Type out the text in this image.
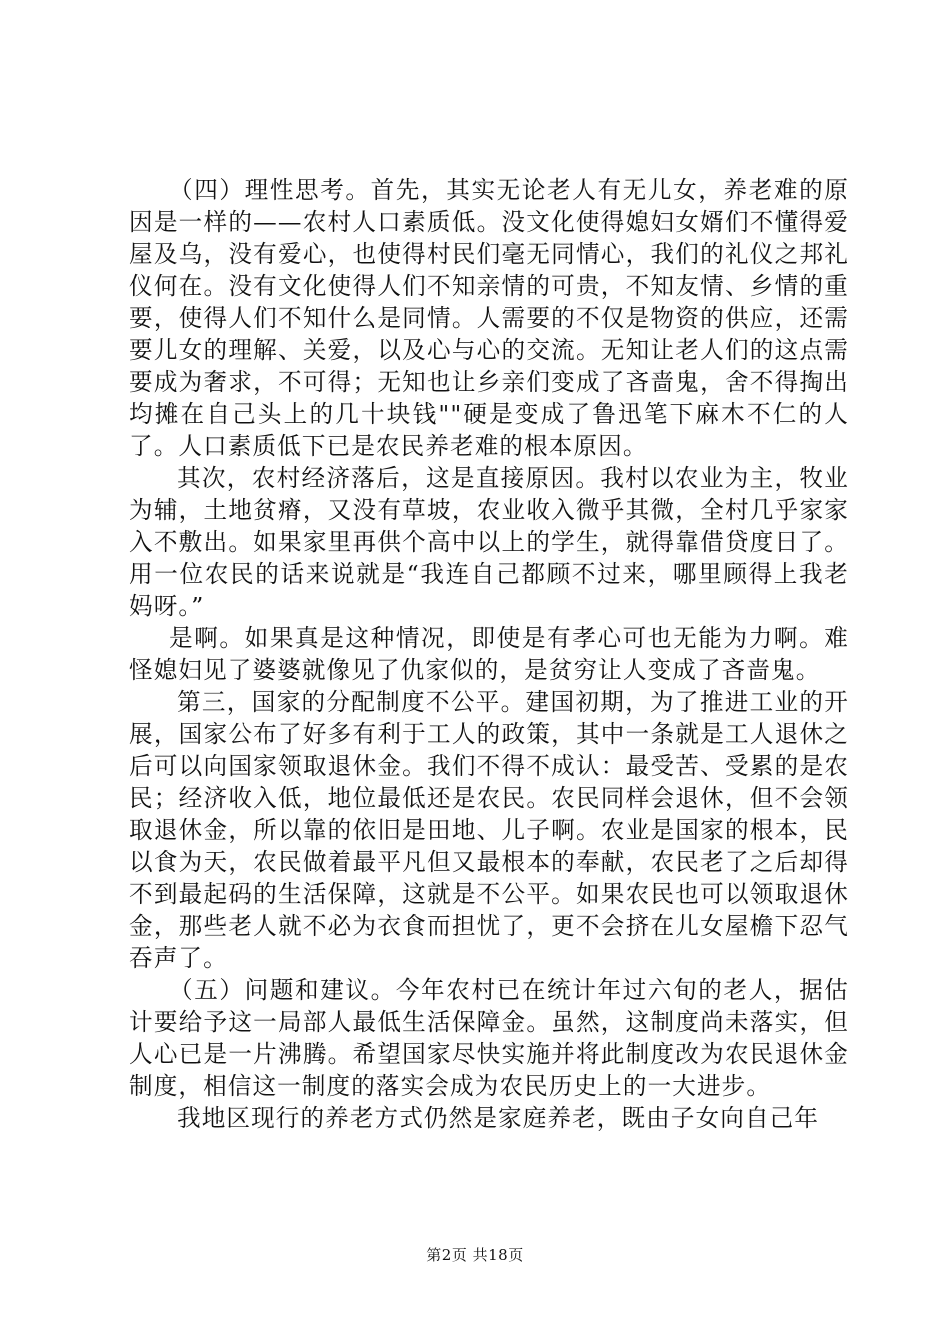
（四）理性思考。首先，其实无论老人有无儿女，养老难的原因是一样的——农村人口素质低。没文化使得媳妇女婿们不懂得爱屋及乌，没有爱心，也使得村民们毫无同情心，我们的礼仪之邦礼仪何在。没有文化使得人们不知亲情的可贵，不知友情、乡情的重要，使得人们不知什么是同情。人需要的不仅是物资的供应，还需要儿女的理解、关爱，以及心与心的交流。无知让老人们的这点需要成为奢求，不可得；无知也让乡亲们变成了吝啬鬼，舍不得掏出均摊在自己头上的几十块钱""硬是变成了鲁迅笔下麻木不仁的人了。人口素质低下已是农民养老难的根本原因。

其次，农村经济落后，这是直接原因。我村以农业为主，牧业为辅，土地贫瘠，又没有草坡，农业收入微乎其微，全村几乎家家入不敷出。如果家里再供个高中以上的学生，就得靠借贷度日了。用一位农民的话来说就是“我连自己都顾不过来，哪里顾得上我老妈呀。”

是啊。如果真是这种情况，即使是有孝心可也无能为力啊。难怪媳妇见了婆婆就像见了仇家似的，是贫穷让人变成了吝啬鬼。

第三，国家的分配制度不公平。建国初期，为了推进工业的开展，国家公布了好多有利于工人的政策，其中一条就是工人退休之后可以向国家领取退休金。我们不得不成认：最受苦、受累的是农民；经济收入低，地位最低还是农民。农民同样会退休，但不会领取退休金，所以靠的依旧是田地、儿子啊。农业是国家的根本，民以食为天，农民做着最平凡但又最根本的奉献，农民老了之后却得不到最起码的生活保障，这就是不公平。如果农民也可以领取退休金，那些老人就不必为衣食而担忧了，更不会挤在儿女屋檐下忍气吞声了。

（五）问题和建议。今年农村已在统计年过六旬的老人，据估计要给予这一局部人最低生活保障金。虽然，这制度尚未落实，但人心已是一片沸腾。希望国家尽快实施并将此制度改为农民退休金制度，相信这一制度的落实会成为农民历史上的一大进步。

我地区现行的养老方式仍然是家庭养老，既由子女向自己年

第2页 共18页
